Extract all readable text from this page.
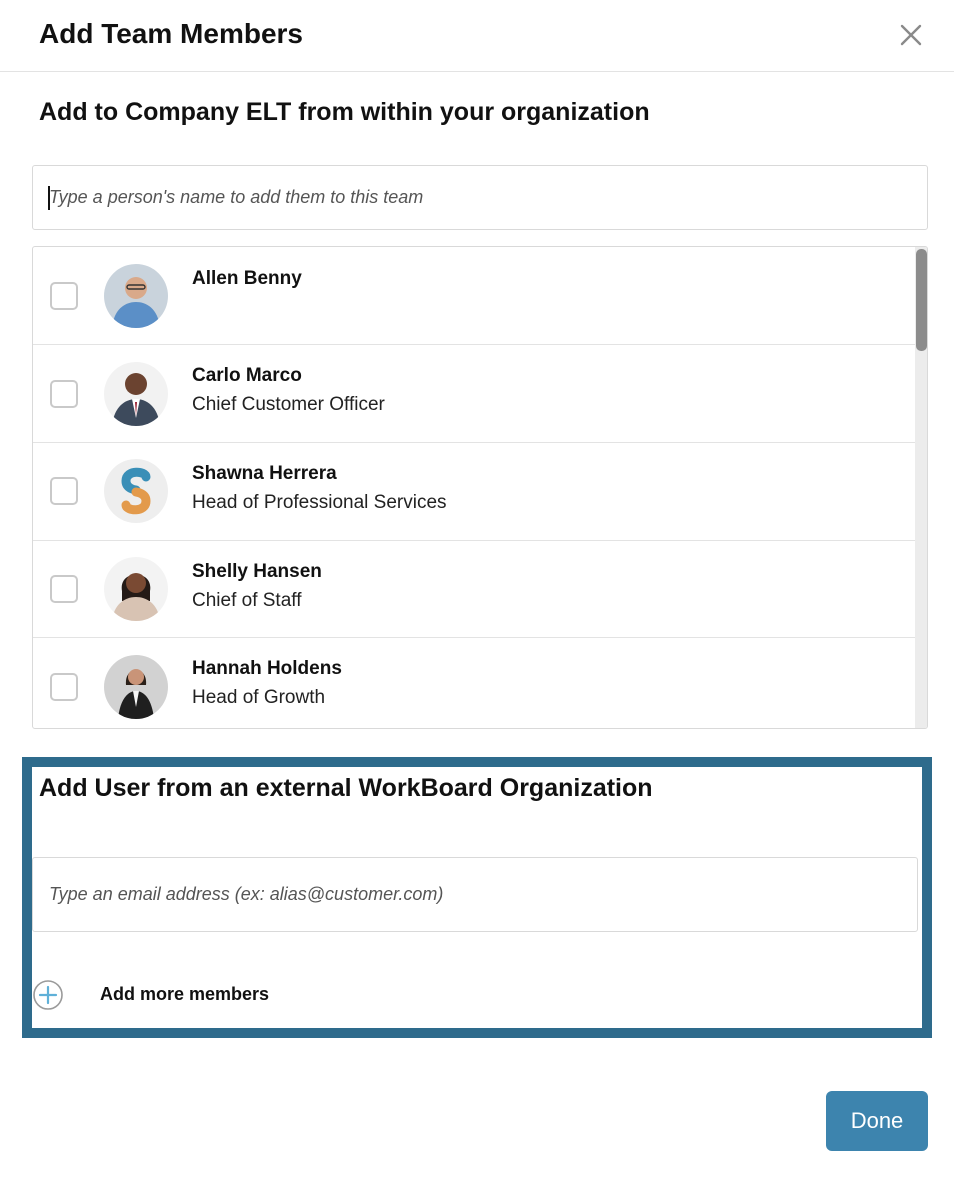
Add Team Members
Add to Company ELT from within your organization
Type a person's name to add them to this team
Allen Benny
Carlo Marco
Chief Customer Officer
Shawna Herrera
Head of Professional Services
Shelly Hansen
Chief of Staff
Hannah Holdens
Head of Growth
Add User from an external WorkBoard Organization
Type an email address (ex: alias@customer.com)
Add more members
Done
